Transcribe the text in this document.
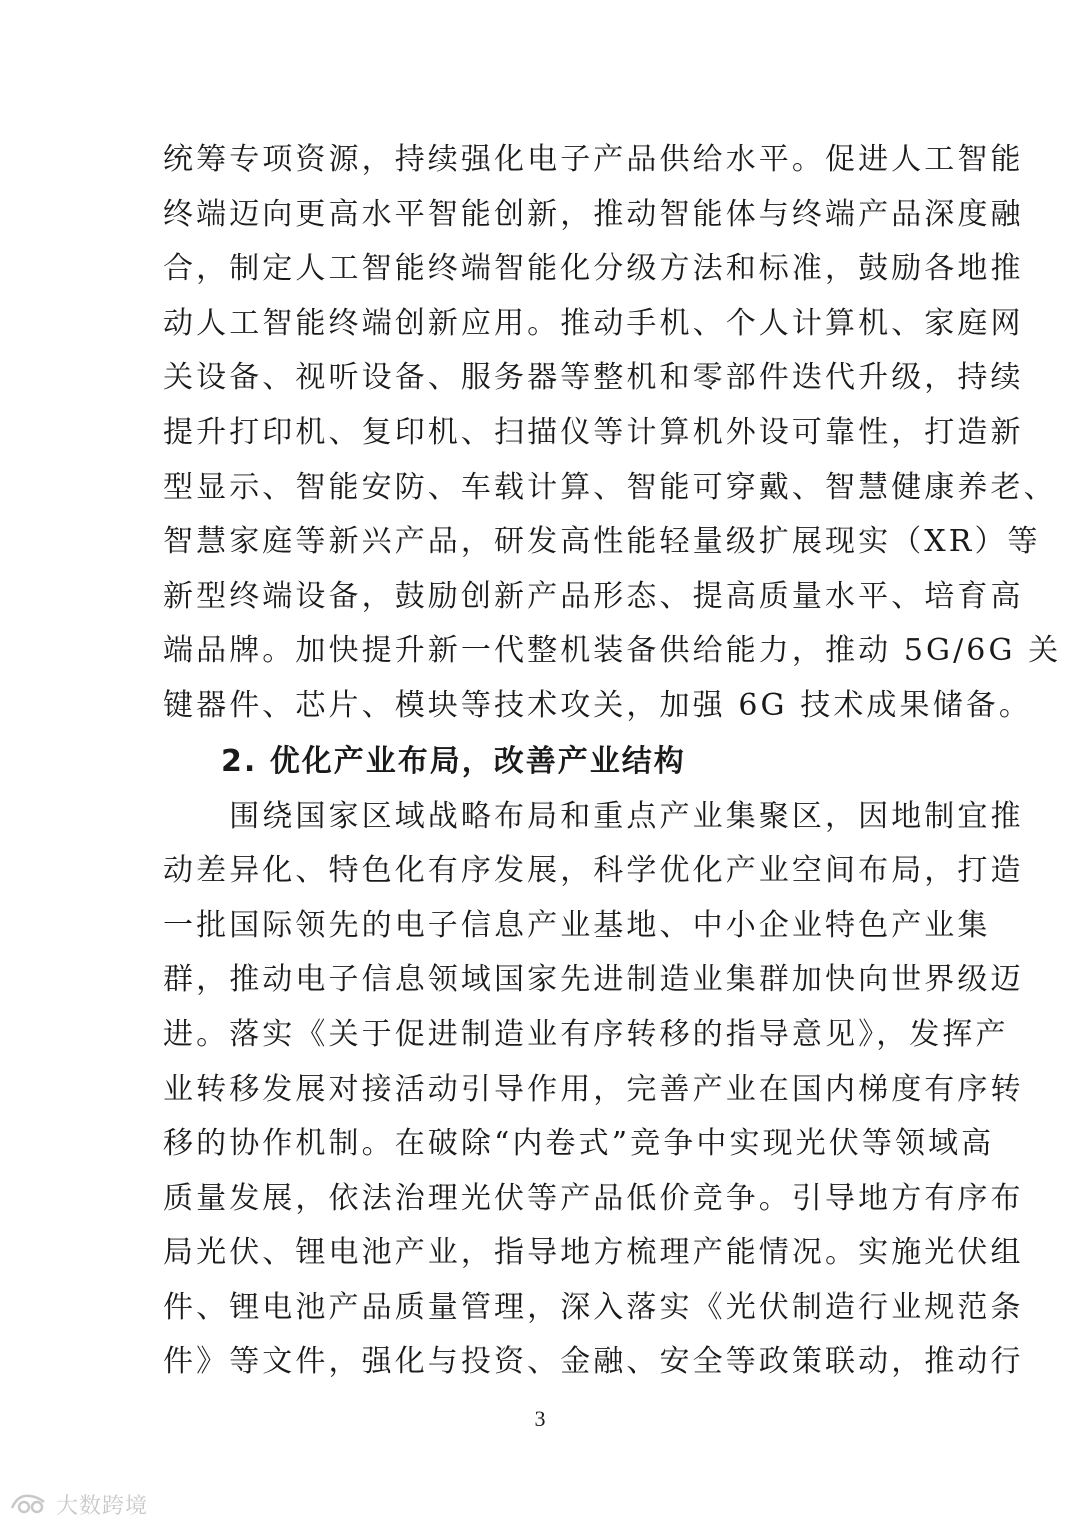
统筹专项资源，持续强化电子产品供给水平。促进人工智能
终端迈向更高水平智能创新，推动智能体与终端产品深度融
合，制定人工智能终端智能化分级方法和标准，鼓励各地推
动人工智能终端创新应用。推动手机、个人计算机、家庭网
关设备、视听设备、服务器等整机和零部件迭代升级，持续
提升打印机、复印机、扫描仪等计算机外设可靠性，打造新
型显示、智能安防、车载计算、智能可穿戴、智慧健康养老、
智慧家庭等新兴产品，研发高性能轻量级扩展现实（XR）等
新型终端设备，鼓励创新产品形态、提高质量水平、培育高
端品牌。加快提升新一代整机装备供给能力，推动 5G/6G 关
键器件、芯片、模块等技术攻关，加强 6G 技术成果储备。
2. 优化产业布局，改善产业结构
　　围绕国家区域战略布局和重点产业集聚区，因地制宜推
动差异化、特色化有序发展，科学优化产业空间布局，打造
一批国际领先的电子信息产业基地、中小企业特色产业集
群，推动电子信息领域国家先进制造业集群加快向世界级迈
进。落实《关于促进制造业有序转移的指导意见》，发挥产
业转移发展对接活动引导作用，完善产业在国内梯度有序转
移的协作机制。在破除“内卷式”竞争中实现光伏等领域高
质量发展，依法治理光伏等产品低价竞争。引导地方有序布
局光伏、锂电池产业，指导地方梳理产能情况。实施光伏组
件、锂电池产品质量管理，深入落实《光伏制造行业规范条
件》等文件，强化与投资、金融、安全等政策联动，推动行
3
大数跨境
